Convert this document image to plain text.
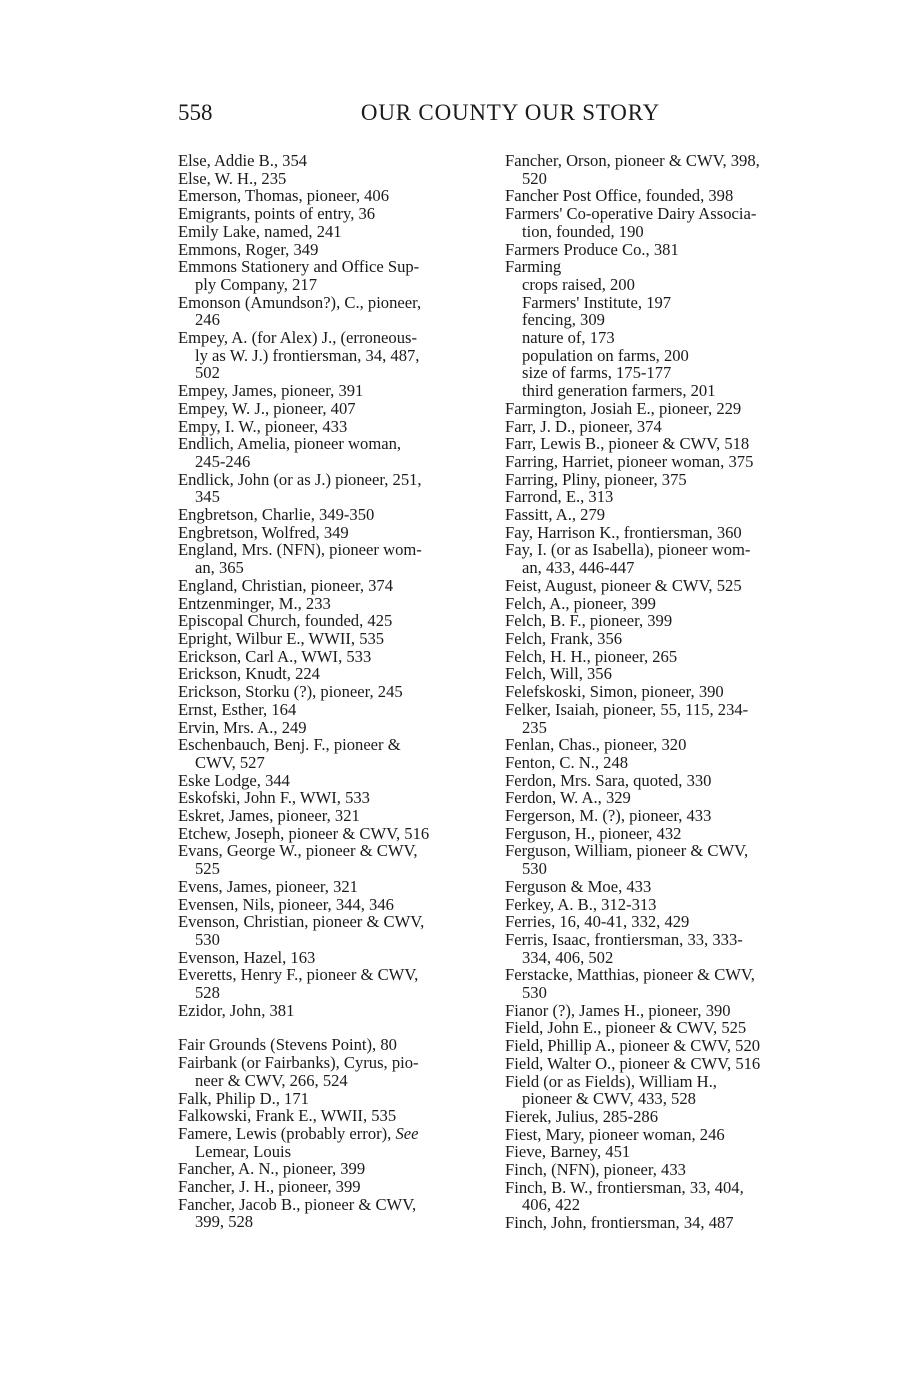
558	OUR COUNTY OUR STORY
Else, Addie B., 354
Else, W. H., 235
Emerson, Thomas, pioneer, 406
Emigrants, points of entry, 36
Emily Lake, named, 241
Emmons, Roger, 349
Emmons Stationery and Office Sup-
ply Company, 217
Emonson (Amundson?), C., pioneer,
246
Empey, A. (for Alex) J., (erroneous-
ly as W. J.) frontiersman, 34, 487,
502
Empey, James, pioneer, 391
Empey, W. J., pioneer, 407
Empy, I. W., pioneer, 433
Endlich, Amelia, pioneer woman,
245-246
Endlick, John (or as J.) pioneer, 251,
345
Engbretson, Charlie, 349-350
Engbretson, Wolfred, 349
England, Mrs. (NFN), pioneer wom-
an, 365
England, Christian, pioneer, 374
Entzenminger, M., 233
Episcopal Church, founded, 425
Epright, Wilbur E., WWII, 535
Erickson, Carl A., WWI, 533
Erickson, Knudt, 224
Erickson, Storku (?), pioneer, 245
Ernst, Esther, 164
Ervin, Mrs. A., 249
Eschenbauch, Benj. F., pioneer &
CWV, 527
Eske Lodge, 344
Eskofski, John F., WWI, 533
Eskret, James, pioneer, 321
Etchew, Joseph, pioneer & CWV, 516
Evans, George W., pioneer & CWV,
525
Evens, James, pioneer, 321
Evensen, Nils, pioneer, 344, 346
Evenson, Christian, pioneer & CWV,
530
Evenson, Hazel, 163
Everetts, Henry F., pioneer & CWV,
528
Ezidor, John, 381
Fair Grounds (Stevens Point), 80
Fairbank (or Fairbanks), Cyrus, pio-
neer & CWV, 266, 524
Falk, Philip D., 171
Falkowski, Frank E., WWII, 535
Famere, Lewis (probably error), See
Lemear, Louis
Fancher, A. N., pioneer, 399
Fancher, J. H., pioneer, 399
Fancher, Jacob B., pioneer & CWV,
399, 528
Fancher, Orson, pioneer & CWV, 398,
520
Fancher Post Office, founded, 398
Farmers' Co-operative Dairy Associa-
tion, founded, 190
Farmers Produce Co., 381
Farming
crops raised, 200
Farmers' Institute, 197
fencing, 309
nature of, 173
population on farms, 200
size of farms, 175-177
third generation farmers, 201
Farmington, Josiah E., pioneer, 229
Farr, J. D., pioneer, 374
Farr, Lewis B., pioneer & CWV, 518
Farring, Harriet, pioneer woman, 375
Farring, Pliny, pioneer, 375
Farrond, E., 313
Fassitt, A., 279
Fay, Harrison K., frontiersman, 360
Fay, I. (or as Isabella), pioneer wom-
an, 433, 446-447
Feist, August, pioneer & CWV, 525
Felch, A., pioneer, 399
Felch, B. F., pioneer, 399
Felch, Frank, 356
Felch, H. H., pioneer, 265
Felch, Will, 356
Felefskoski, Simon, pioneer, 390
Felker, Isaiah, pioneer, 55, 115, 234-
235
Fenlan, Chas., pioneer, 320
Fenton, C. N., 248
Ferdon, Mrs. Sara, quoted, 330
Ferdon, W. A., 329
Fergerson, M. (?), pioneer, 433
Ferguson, H., pioneer, 432
Ferguson, William, pioneer & CWV,
530
Ferguson & Moe, 433
Ferkey, A. B., 312-313
Ferries, 16, 40-41, 332, 429
Ferris, Isaac, frontiersman, 33, 333-
334, 406, 502
Ferstacke, Matthias, pioneer & CWV,
530
Fianor (?), James H., pioneer, 390
Field, John E., pioneer & CWV, 525
Field, Phillip A., pioneer & CWV, 520
Field, Walter O., pioneer & CWV, 516
Field (or as Fields), William H.,
pioneer & CWV, 433, 528
Fierek, Julius, 285-286
Fiest, Mary, pioneer woman, 246
Fieve, Barney, 451
Finch, (NFN), pioneer, 433
Finch, B. W., frontiersman, 33, 404,
406, 422
Finch, John, frontiersman, 34, 487
